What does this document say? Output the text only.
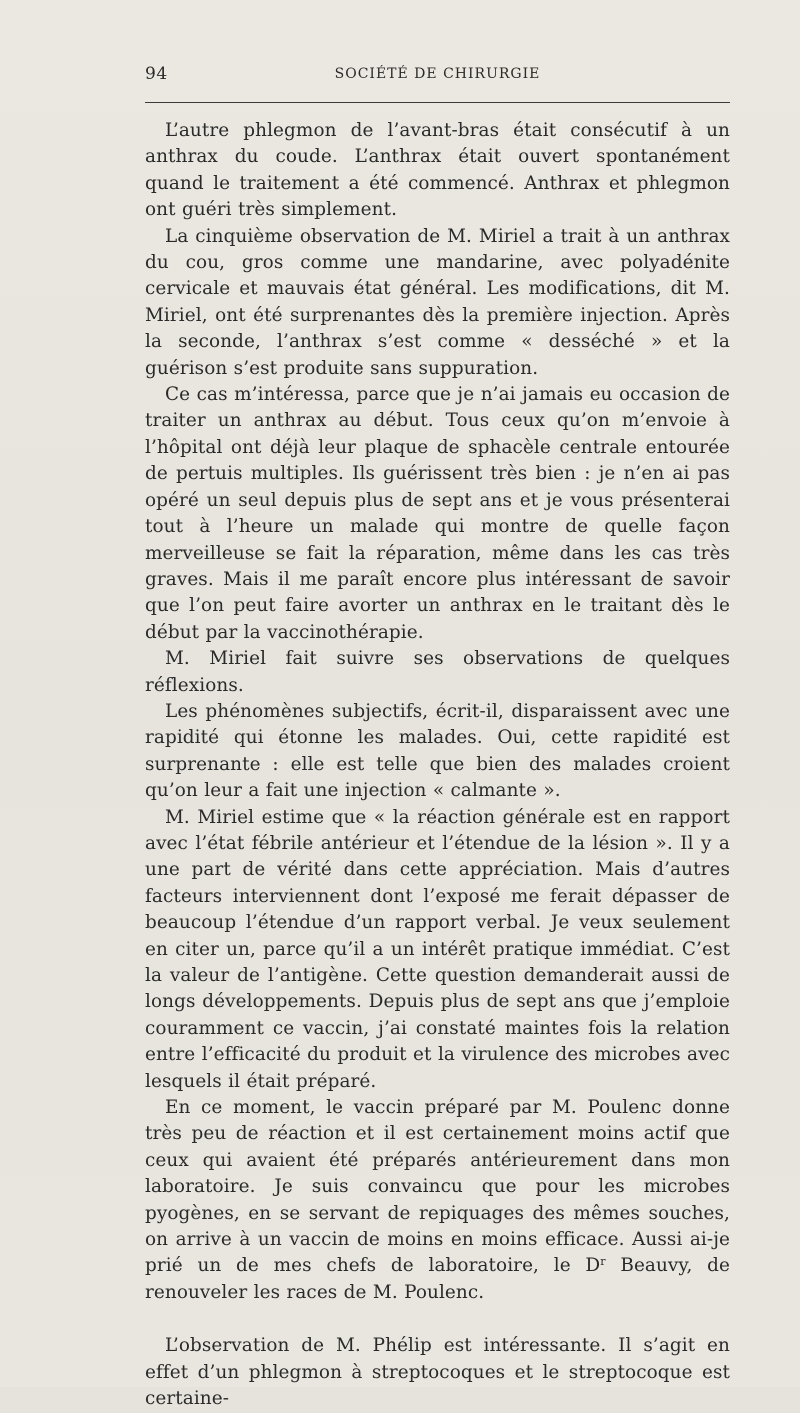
94	SOCIÉTÉ DE CHIRURGIE

L’autre phlegmon de l’avant-bras était consécutif à un anthrax du coude. L’anthrax était ouvert spontanément quand le traitement a été commencé. Anthrax et phlegmon ont guéri très simplement.

La cinquième observation de M. Miriel a trait à un anthrax du cou, gros comme une mandarine, avec polyadénite cervicale et mauvais état général. Les modifications, dit M. Miriel, ont été surprenantes dès la première injection. Après la seconde, l’anthrax s’est comme « desséché » et la guérison s’est produite sans suppuration.

Ce cas m’intéressa, parce que je n’ai jamais eu occasion de traiter un anthrax au début. Tous ceux qu’on m’envoie à l’hôpital ont déjà leur plaque de sphacèle centrale entourée de pertuis multiples. Ils guérissent très bien : je n’en ai pas opéré un seul depuis plus de sept ans et je vous présenterai tout à l’heure un malade qui montre de quelle façon merveilleuse se fait la réparation, même dans les cas très graves. Mais il me paraît encore plus intéressant de savoir que l’on peut faire avorter un anthrax en le traitant dès le début par la vaccinothérapie.

M. Miriel fait suivre ses observations de quelques réflexions.

Les phénomènes subjectifs, écrit-il, disparaissent avec une rapidité qui étonne les malades. Oui, cette rapidité est surprenante : elle est telle que bien des malades croient qu’on leur a fait une injection « calmante ».

M. Miriel estime que « la réaction générale est en rapport avec l’état fébrile antérieur et l’étendue de la lésion ». Il y a une part de vérité dans cette appréciation. Mais d’autres facteurs interviennent dont l’exposé me ferait dépasser de beaucoup l’étendue d’un rapport verbal. Je veux seulement en citer un, parce qu’il a un intérêt pratique immédiat. C’est la valeur de l’antigène. Cette question demanderait aussi de longs développements. Depuis plus de sept ans que j’emploie couramment ce vaccin, j’ai constaté maintes fois la relation entre l’efficacité du produit et la virulence des microbes avec lesquels il était préparé.

En ce moment, le vaccin préparé par M. Poulenc donne très peu de réaction et il est certainement moins actif que ceux qui avaient été préparés antérieurement dans mon laboratoire. Je suis convaincu que pour les microbes pyogènes, en se servant de repiquages des mêmes souches, on arrive à un vaccin de moins en moins efficace. Aussi ai-je prié un de mes chefs de laboratoire, le $D^r$ Beauvy, de renouveler les races de M. Poulenc.

L’observation de M. Phélip est intéressante. Il s’agit en effet d’un phlegmon à streptocoques et le streptocoque est certaine-
